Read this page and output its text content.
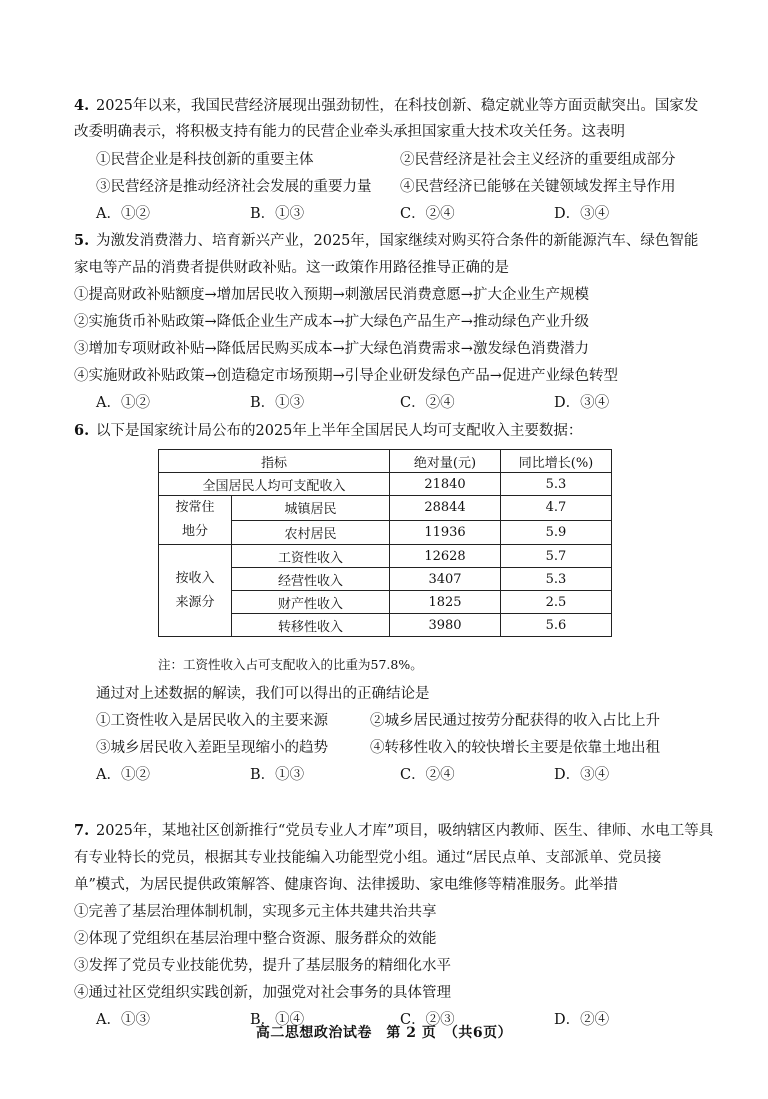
4. 2025年以来，我国民营经济展现出强劲韧性，在科技创新、稳定就业等方面贡献突出。国家发
改委明确表示，将积极支持有能力的民营企业牵头承担国家重大技术攻关任务。这表明
①民营企业是科技创新的重要主体	②民营经济是社会主义经济的重要组成部分
③民营经济是推动经济社会发展的重要力量 ④民营经济已能够在关键领域发挥主导作用
A．①②	B．①③	C．②④	D．③④
5. 为激发消费潜力、培育新兴产业，2025年，国家继续对购买符合条件的新能源汽车、绿色智能
家电等产品的消费者提供财政补贴。这一政策作用路径推导正确的是
①提高财政补贴额度→增加居民收入预期→刺激居民消费意愿→扩大企业生产规模
②实施货币补贴政策→降低企业生产成本→扩大绿色产品生产→推动绿色产业升级
③增加专项财政补贴→降低居民购买成本→扩大绿色消费需求→激发绿色消费潜力
④实施财政补贴政策→创造稳定市场预期→引导企业研发绿色产品→促进产业绿色转型
A．①②	B．①③	C．②④	D．③④
6. 以下是国家统计局公布的2025年上半年全国居民人均可支配收入主要数据：
指标		绝对量(元)	同比增长(%)
全国居民人均可支配收入		21840	5.3
按常住
地分	城镇居民	28844	4.7
	农村居民	11936	5.9
按收入
来源分	工资性收入	12628	5.7
	经营性收入	3407	5.3
	财产性收入	1825	2.5
	转移性收入	3980	5.6
注：工资性收入占可支配收入的比重为57.8%。
通过对上述数据的解读，我们可以得出的正确结论是
①工资性收入是居民收入的主要来源	②城乡居民通过按劳分配获得的收入占比上升
③城乡居民收入差距呈现缩小的趋势	④转移性收入的较快增长主要是依靠土地出租
A．①②	B．①③	C．②④	D．③④
7. 2025年，某地社区创新推行“党员专业人才库”项目，吸纳辖区内教师、医生、律师、水电工等具
有专业特长的党员，根据其专业技能编入功能型党小组。通过“居民点单、支部派单、党员接
单”模式，为居民提供政策解答、健康咨询、法律援助、家电维修等精准服务。此举措
①完善了基层治理体制机制，实现多元主体共建共治共享
②体现了党组织在基层治理中整合资源、服务群众的效能
③发挥了党员专业技能优势，提升了基层服务的精细化水平
④通过社区党组织实践创新，加强党对社会事务的具体管理
A．①③	B．①④	C．②③	D．②④
高二思想政治试卷　第 2 页　（共6页）
